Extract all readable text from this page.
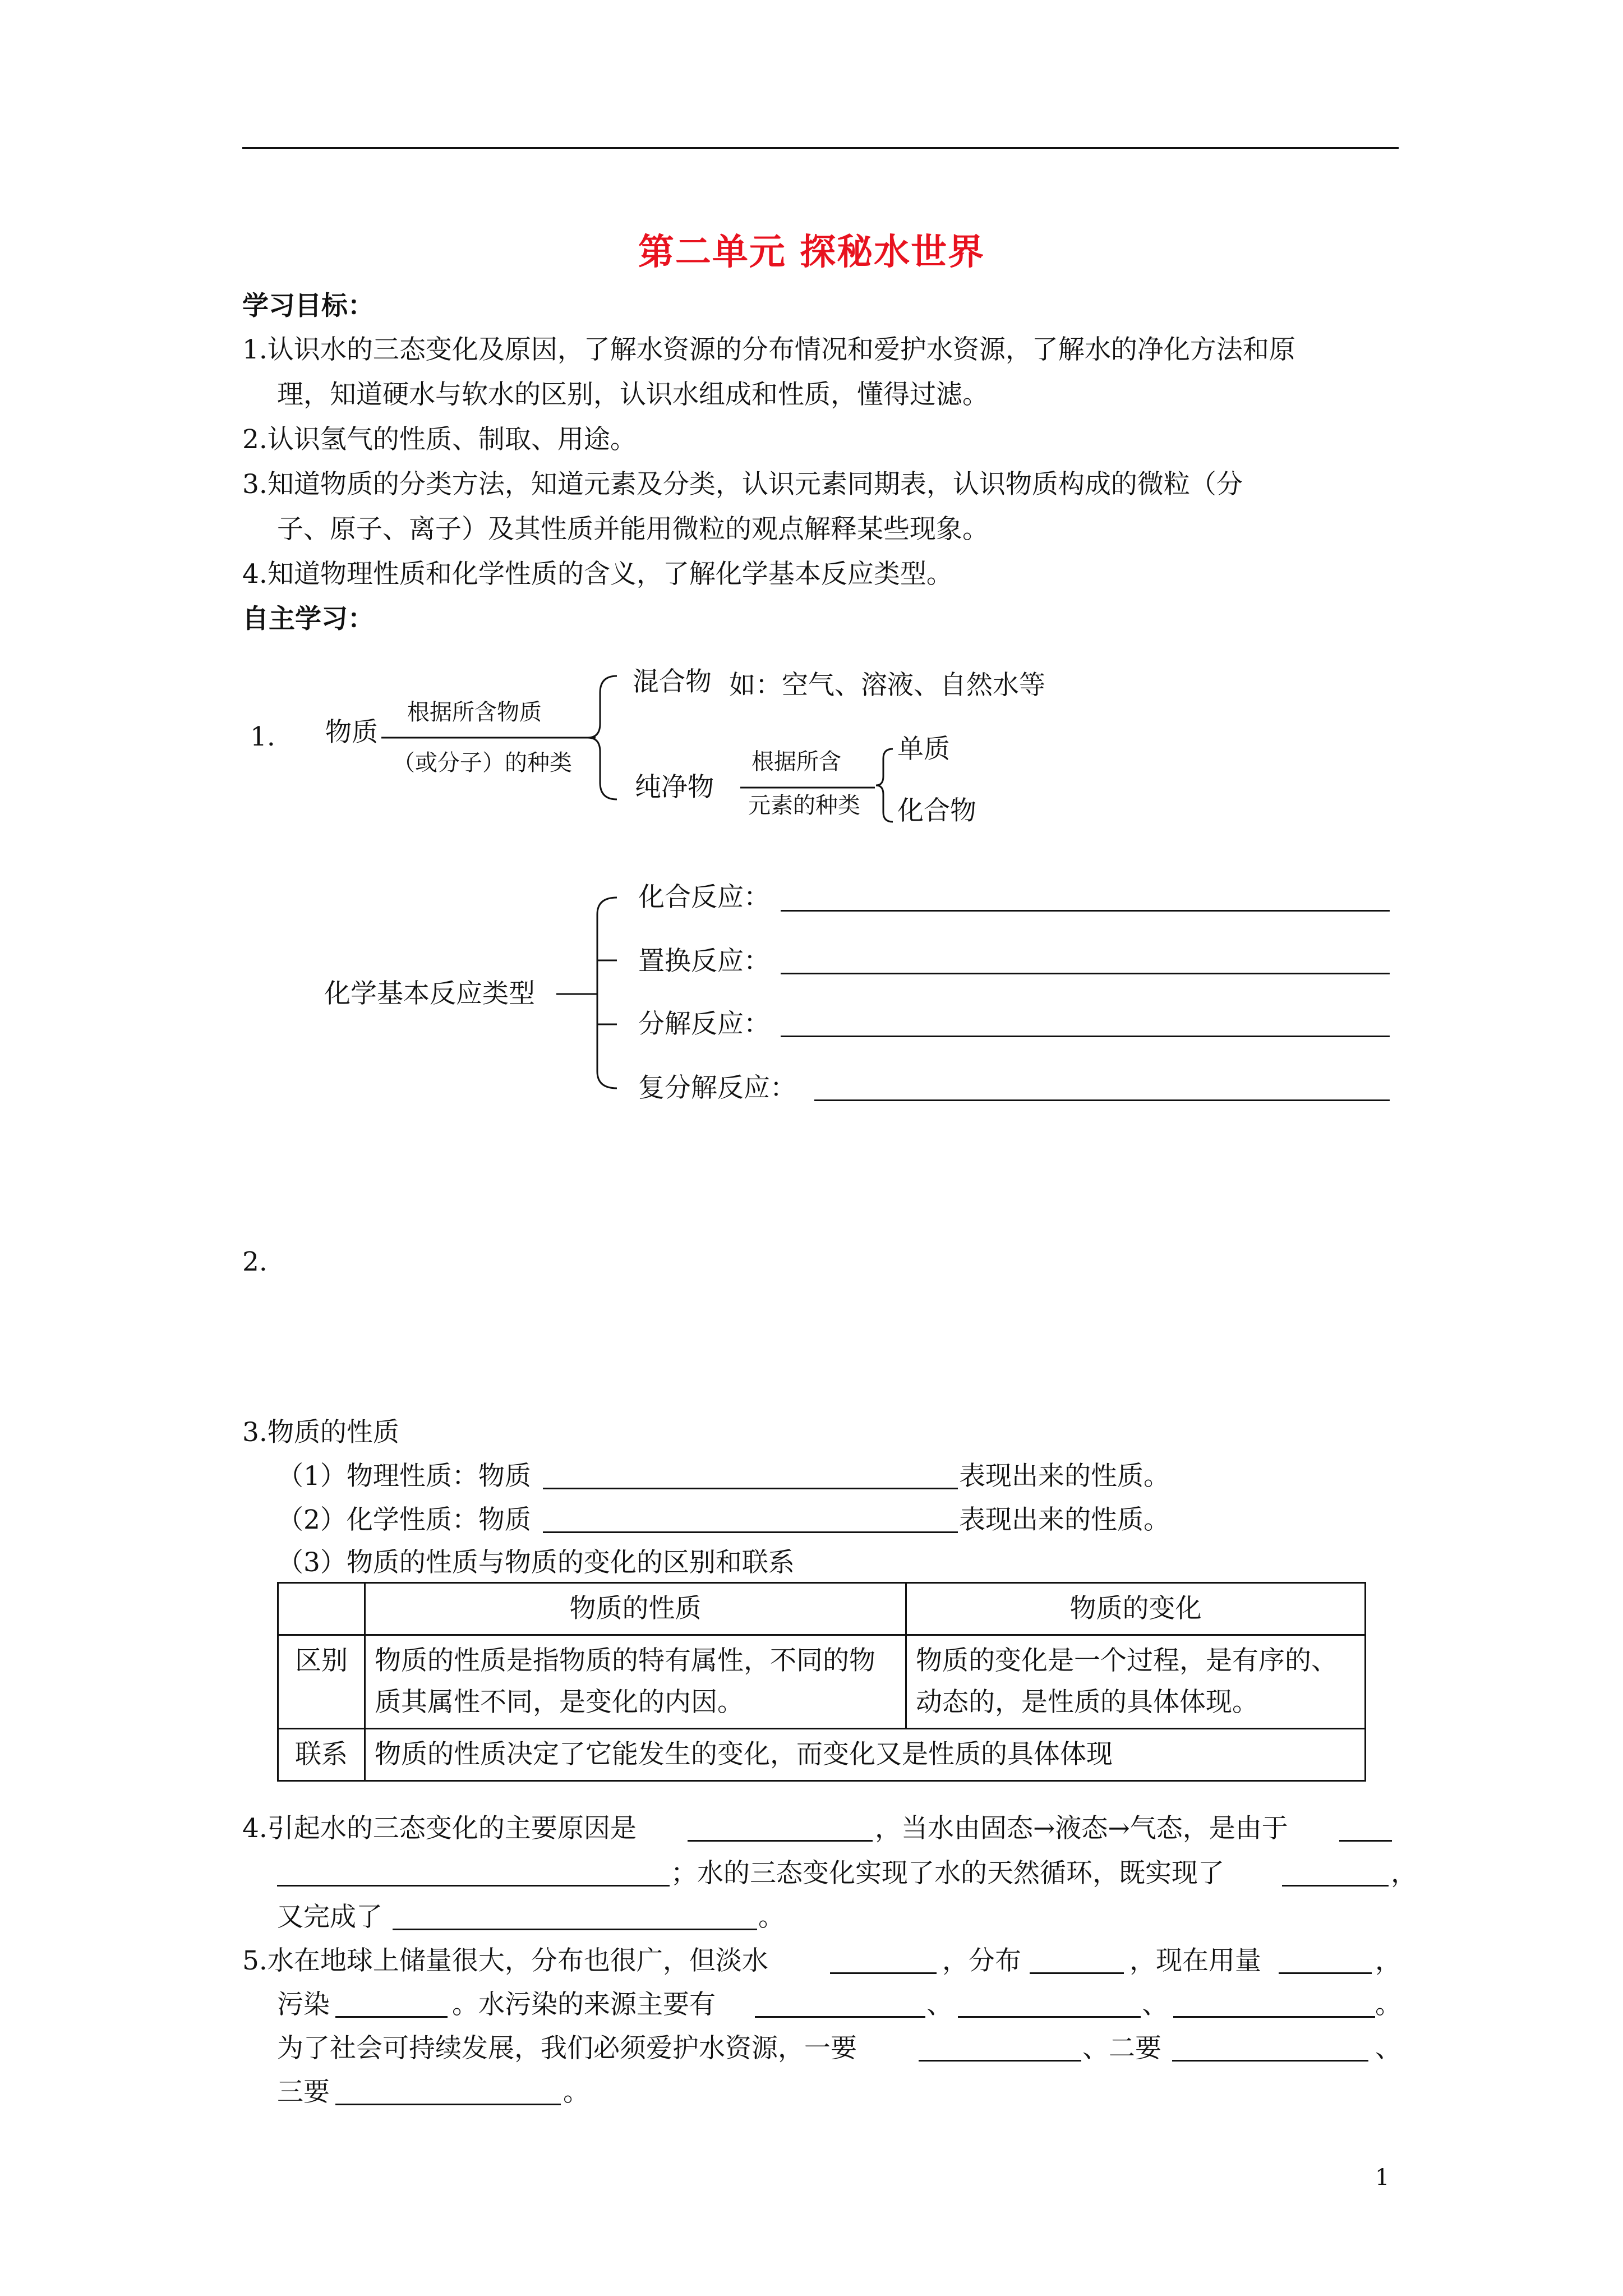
第二单元 探秘水世界
学习目标：
1.认识水的三态变化及原因，了解水资源的分布情况和爱护水资源，了解水的净化方法和原
理，知道硬水与软水的区别，认识水组成和性质，懂得过滤。
2.认识氢气的性质、制取、用途。
3.知道物质的分类方法，知道元素及分类，认识元素同期表，认识物质构成的微粒（分
子、原子、离子）及其性质并能用微粒的观点解释某些现象。
4.知道物理性质和化学性质的含义，了解化学基本反应类型。
自主学习：
1. 物质
根据所含物质
（或分子）的种类
混合物 如：空气、溶液、自然水等
纯净物
根据所含
元素的种类
单质
化合物
化学基本反应类型
化合反应：
置换反应：
分解反应：
复分解反应：
2.
3.物质的性质
（1）物理性质：物质	表现出来的性质。
（2）化学性质：物质	表现出来的性质。
（3）物质的性质与物质的变化的区别和联系
	物质的性质	物质的变化
区别	物质的性质是指物质的特有属性，不同的物质其属性不同，是变化的内因。	物质的变化是一个过程，是有序的、动态的，是性质的具体体现。
联系	物质的性质决定了它能发生的变化，而变化又是性质的具体体现	
4.引起水的三态变化的主要原因是	，当水由固态→液态→气态，是由于
；水的三态变化实现了水的天然循环，既实现了	，
又完成了	。
5.水在地球上储量很大，分布也很广，但淡水	，分布	，现在用量	，
污染	。水污染的来源主要有	、	、	。
为了社会可持续发展，我们必须爱护水资源，一要	、二要	、
三要	。
1
